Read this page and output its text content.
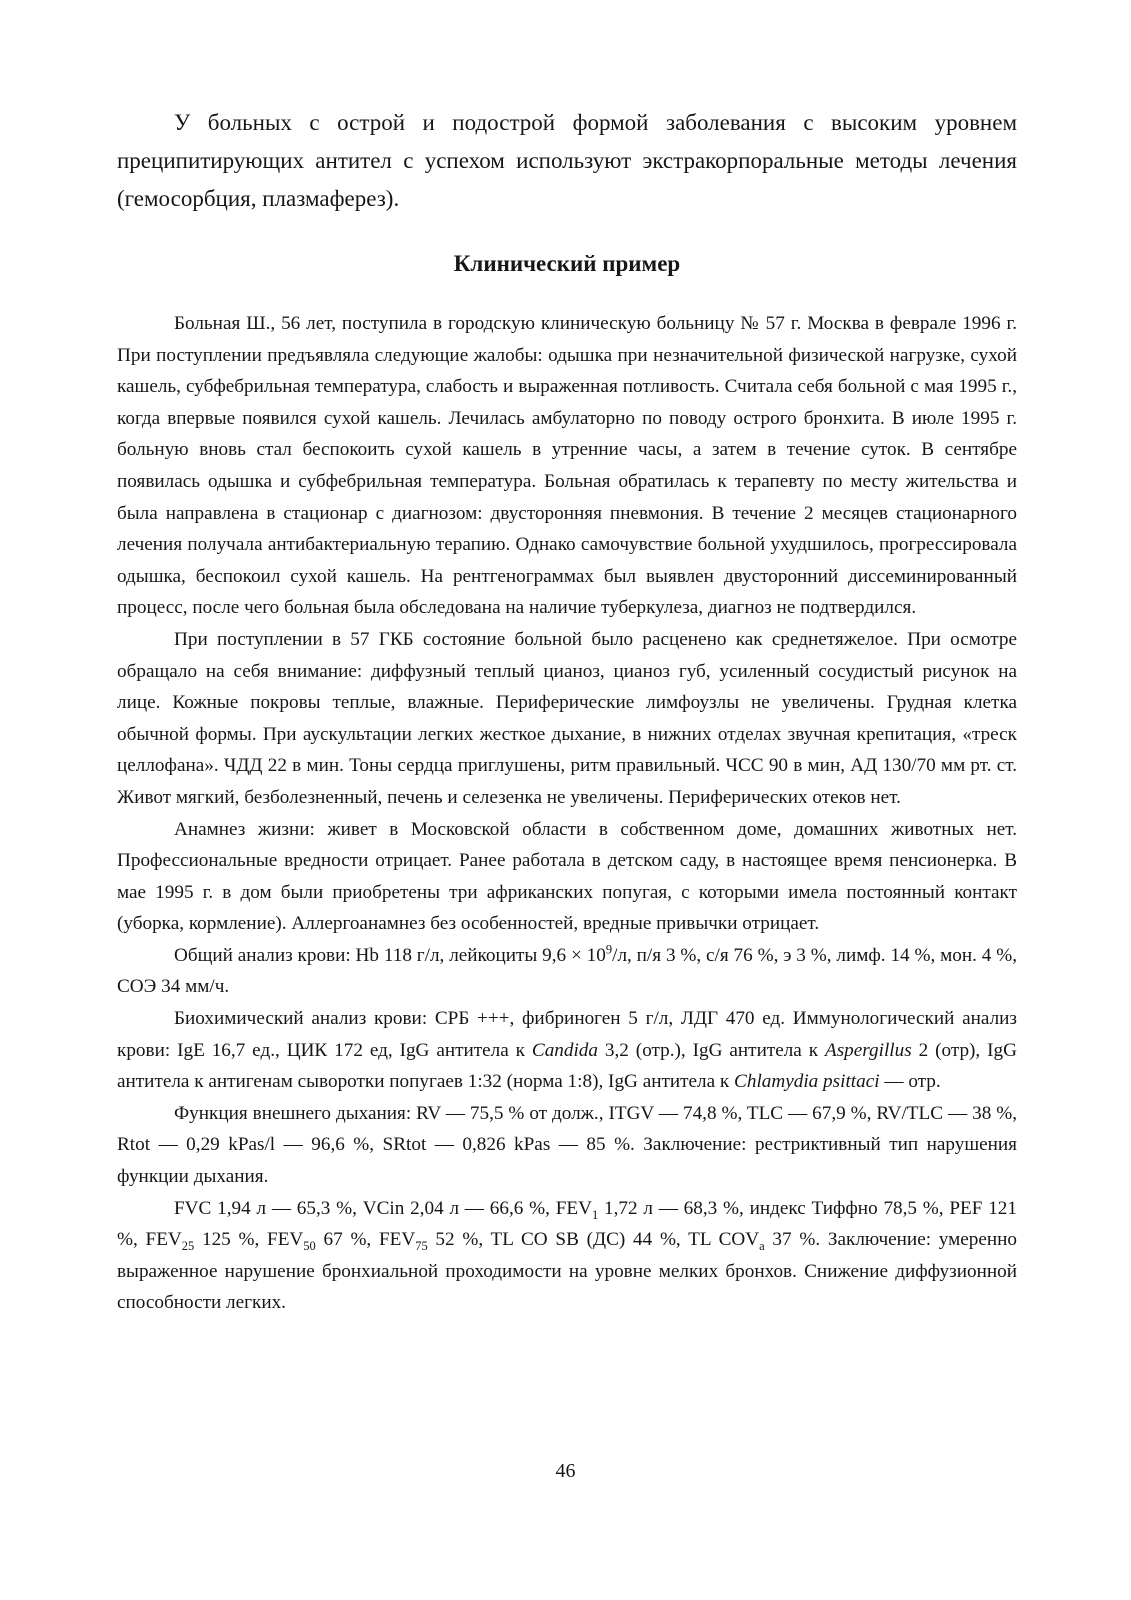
У больных с острой и подострой формой заболевания с высоким уровнем преципитирующих антител с успехом используют экстракорпоральные методы лечения (гемосорбция, плазмаферез).

Клинический пример

Больная Ш., 56 лет, поступила в городскую клиническую больницу № 57 г. Москва в феврале 1996 г. При поступлении предъявляла следующие жалобы: одышка при незначительной физической нагрузке, сухой кашель, субфебрильная температура, слабость и выраженная потливость. Считала себя больной с мая 1995 г., когда впервые появился сухой кашель. Лечилась амбулаторно по поводу острого бронхита. В июле 1995 г. больную вновь стал беспокоить сухой кашель в утренние часы, а затем в течение суток. В сентябре появилась одышка и субфебрильная температура. Больная обратилась к терапевту по месту жительства и была направлена в стационар с диагнозом: двусторонняя пневмония. В течение 2 месяцев стационарного лечения получала антибактериальную терапию. Однако самочувствие больной ухудшилось, прогрессировала одышка, беспокоил сухой кашель. На рентгенограммах был выявлен двусторонний диссеминированный процесс, после чего больная была обследована на наличие туберкулеза, диагноз не подтвердился.

При поступлении в 57 ГКБ состояние больной было расценено как среднетяжелое. При осмотре обращало на себя внимание: диффузный теплый цианоз, цианоз губ, усиленный сосудистый рисунок на лице. Кожные покровы теплые, влажные. Периферические лимфоузлы не увеличены. Грудная клетка обычной формы. При аускультации легких жесткое дыхание, в нижних отделах звучная крепитация, «треск целлофана». ЧДД 22 в мин. Тоны сердца приглушены, ритм правильный. ЧСС 90 в мин, АД 130/70 мм рт. ст. Живот мягкий, безболезненный, печень и селезенка не увеличены. Периферических отеков нет.

Анамнез жизни: живет в Московской области в собственном доме, домашних животных нет. Профессиональные вредности отрицает. Ранее работала в детском саду, в настоящее время пенсионерка. В мае 1995 г. в дом были приобретены три африканских попугая, с которыми имела постоянный контакт (уборка, кормление). Аллергоанамнез без особенностей, вредные привычки отрицает.

Общий анализ крови: Hb 118 г/л, лейкоциты $9,6 \times 10^9/л$, п/я 3 %, с/я 76 %, э 3 %, лимф. 14 %, мон. 4 %, СОЭ 34 мм/ч.

Биохимический анализ крови: СРБ +++, фибриноген 5 г/л, ЛДГ 470 ед. Иммунологический анализ крови: IgE 16,7 ед., ЦИК 172 ед, IgG антитела к Candida 3,2 (отр.), IgG антитела к Aspergillus 2 (отр), IgG антитела к антигенам сыворотки попугаев 1:32 (норма 1:8), IgG антитела к Chlamydia psittaci — отр.

Функция внешнего дыхания: RV — 75,5 % от долж., ITGV — 74,8 %, TLC — 67,9 %, RV/TLC — 38 %, Rtot — 0,29 kPas/l — 96,6 %, SRtot — 0,826 kPas — 85 %. Заключение: рестриктивный тип нарушения функции дыхания.

FVC 1,94 л — 65,3 %, VCin 2,04 л — 66,6 %, $FEV_1$ 1,72 л — 68,3 %, индекс Тиффно 78,5 %, PEF 121 %, $FEV_{25}$ 125 %, $FEV_{50}$ 67 %, $FEV_{75}$ 52 %, TL CO SB (ДС) 44 %, TL $COV_a$ 37 %. Заключение: умеренно выраженное нарушение бронхиальной проходимости на уровне мелких бронхов. Снижение диффузионной способности легких.

46
